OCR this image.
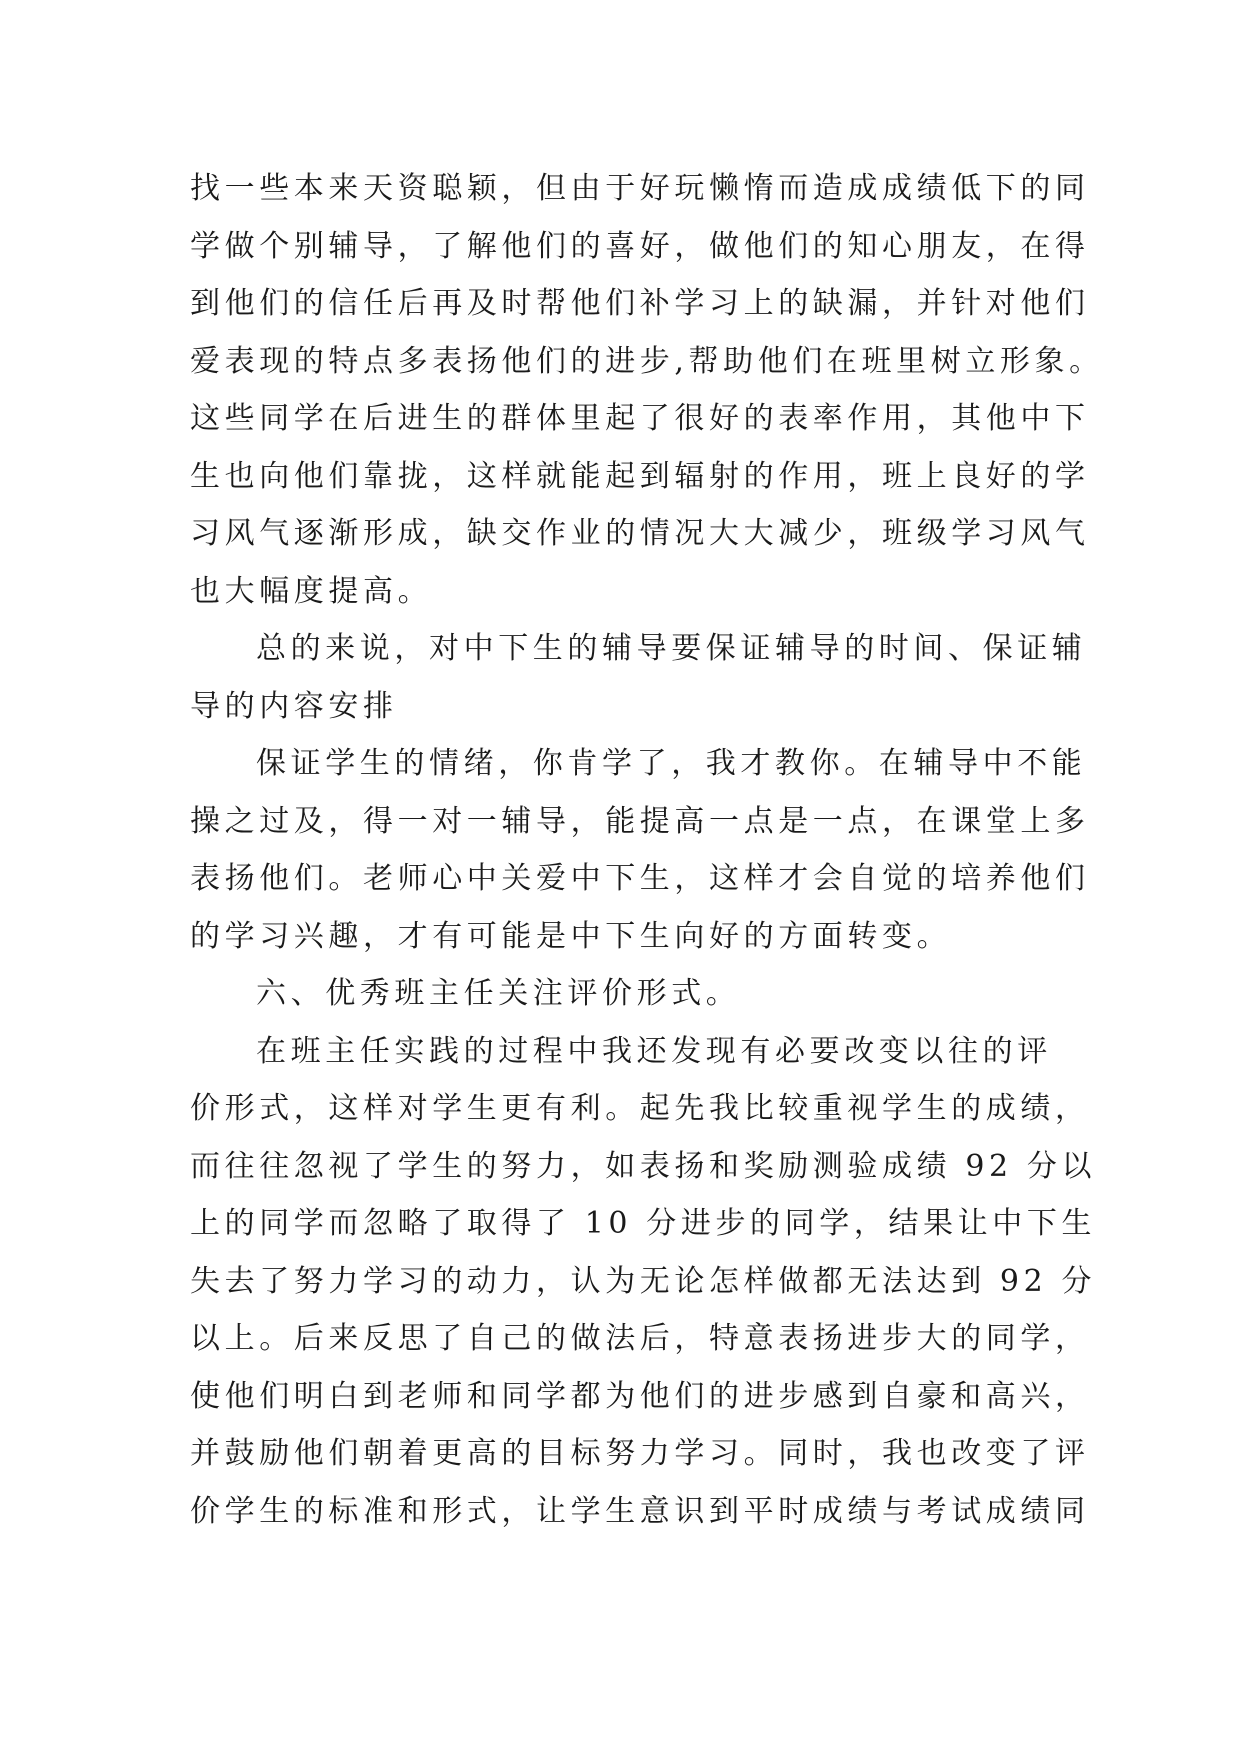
找一些本来天资聪颖，但由于好玩懒惰而造成成绩低下的同
学做个别辅导，了解他们的喜好，做他们的知心朋友，在得
到他们的信任后再及时帮他们补学习上的缺漏，并针对他们
爱表现的特点多表扬他们的进步,帮助他们在班里树立形象。
这些同学在后进生的群体里起了很好的表率作用，其他中下
生也向他们靠拢，这样就能起到辐射的作用，班上良好的学
习风气逐渐形成，缺交作业的情况大大减少，班级学习风气
也大幅度提高。
总的来说，对中下生的辅导要保证辅导的时间、保证辅
导的内容安排
保证学生的情绪，你肯学了，我才教你。在辅导中不能
操之过及，得一对一辅导，能提高一点是一点，在课堂上多
表扬他们。老师心中关爱中下生，这样才会自觉的培养他们
的学习兴趣，才有可能是中下生向好的方面转变。
六、优秀班主任关注评价形式。
在班主任实践的过程中我还发现有必要改变以往的评
价形式，这样对学生更有利。起先我比较重视学生的成绩，
而往往忽视了学生的努力，如表扬和奖励测验成绩 92 分以
上的同学而忽略了取得了 10 分进步的同学，结果让中下生
失去了努力学习的动力，认为无论怎样做都无法达到 92 分
以上。后来反思了自己的做法后，特意表扬进步大的同学，
使他们明白到老师和同学都为他们的进步感到自豪和高兴，
并鼓励他们朝着更高的目标努力学习。同时，我也改变了评
价学生的标准和形式，让学生意识到平时成绩与考试成绩同
